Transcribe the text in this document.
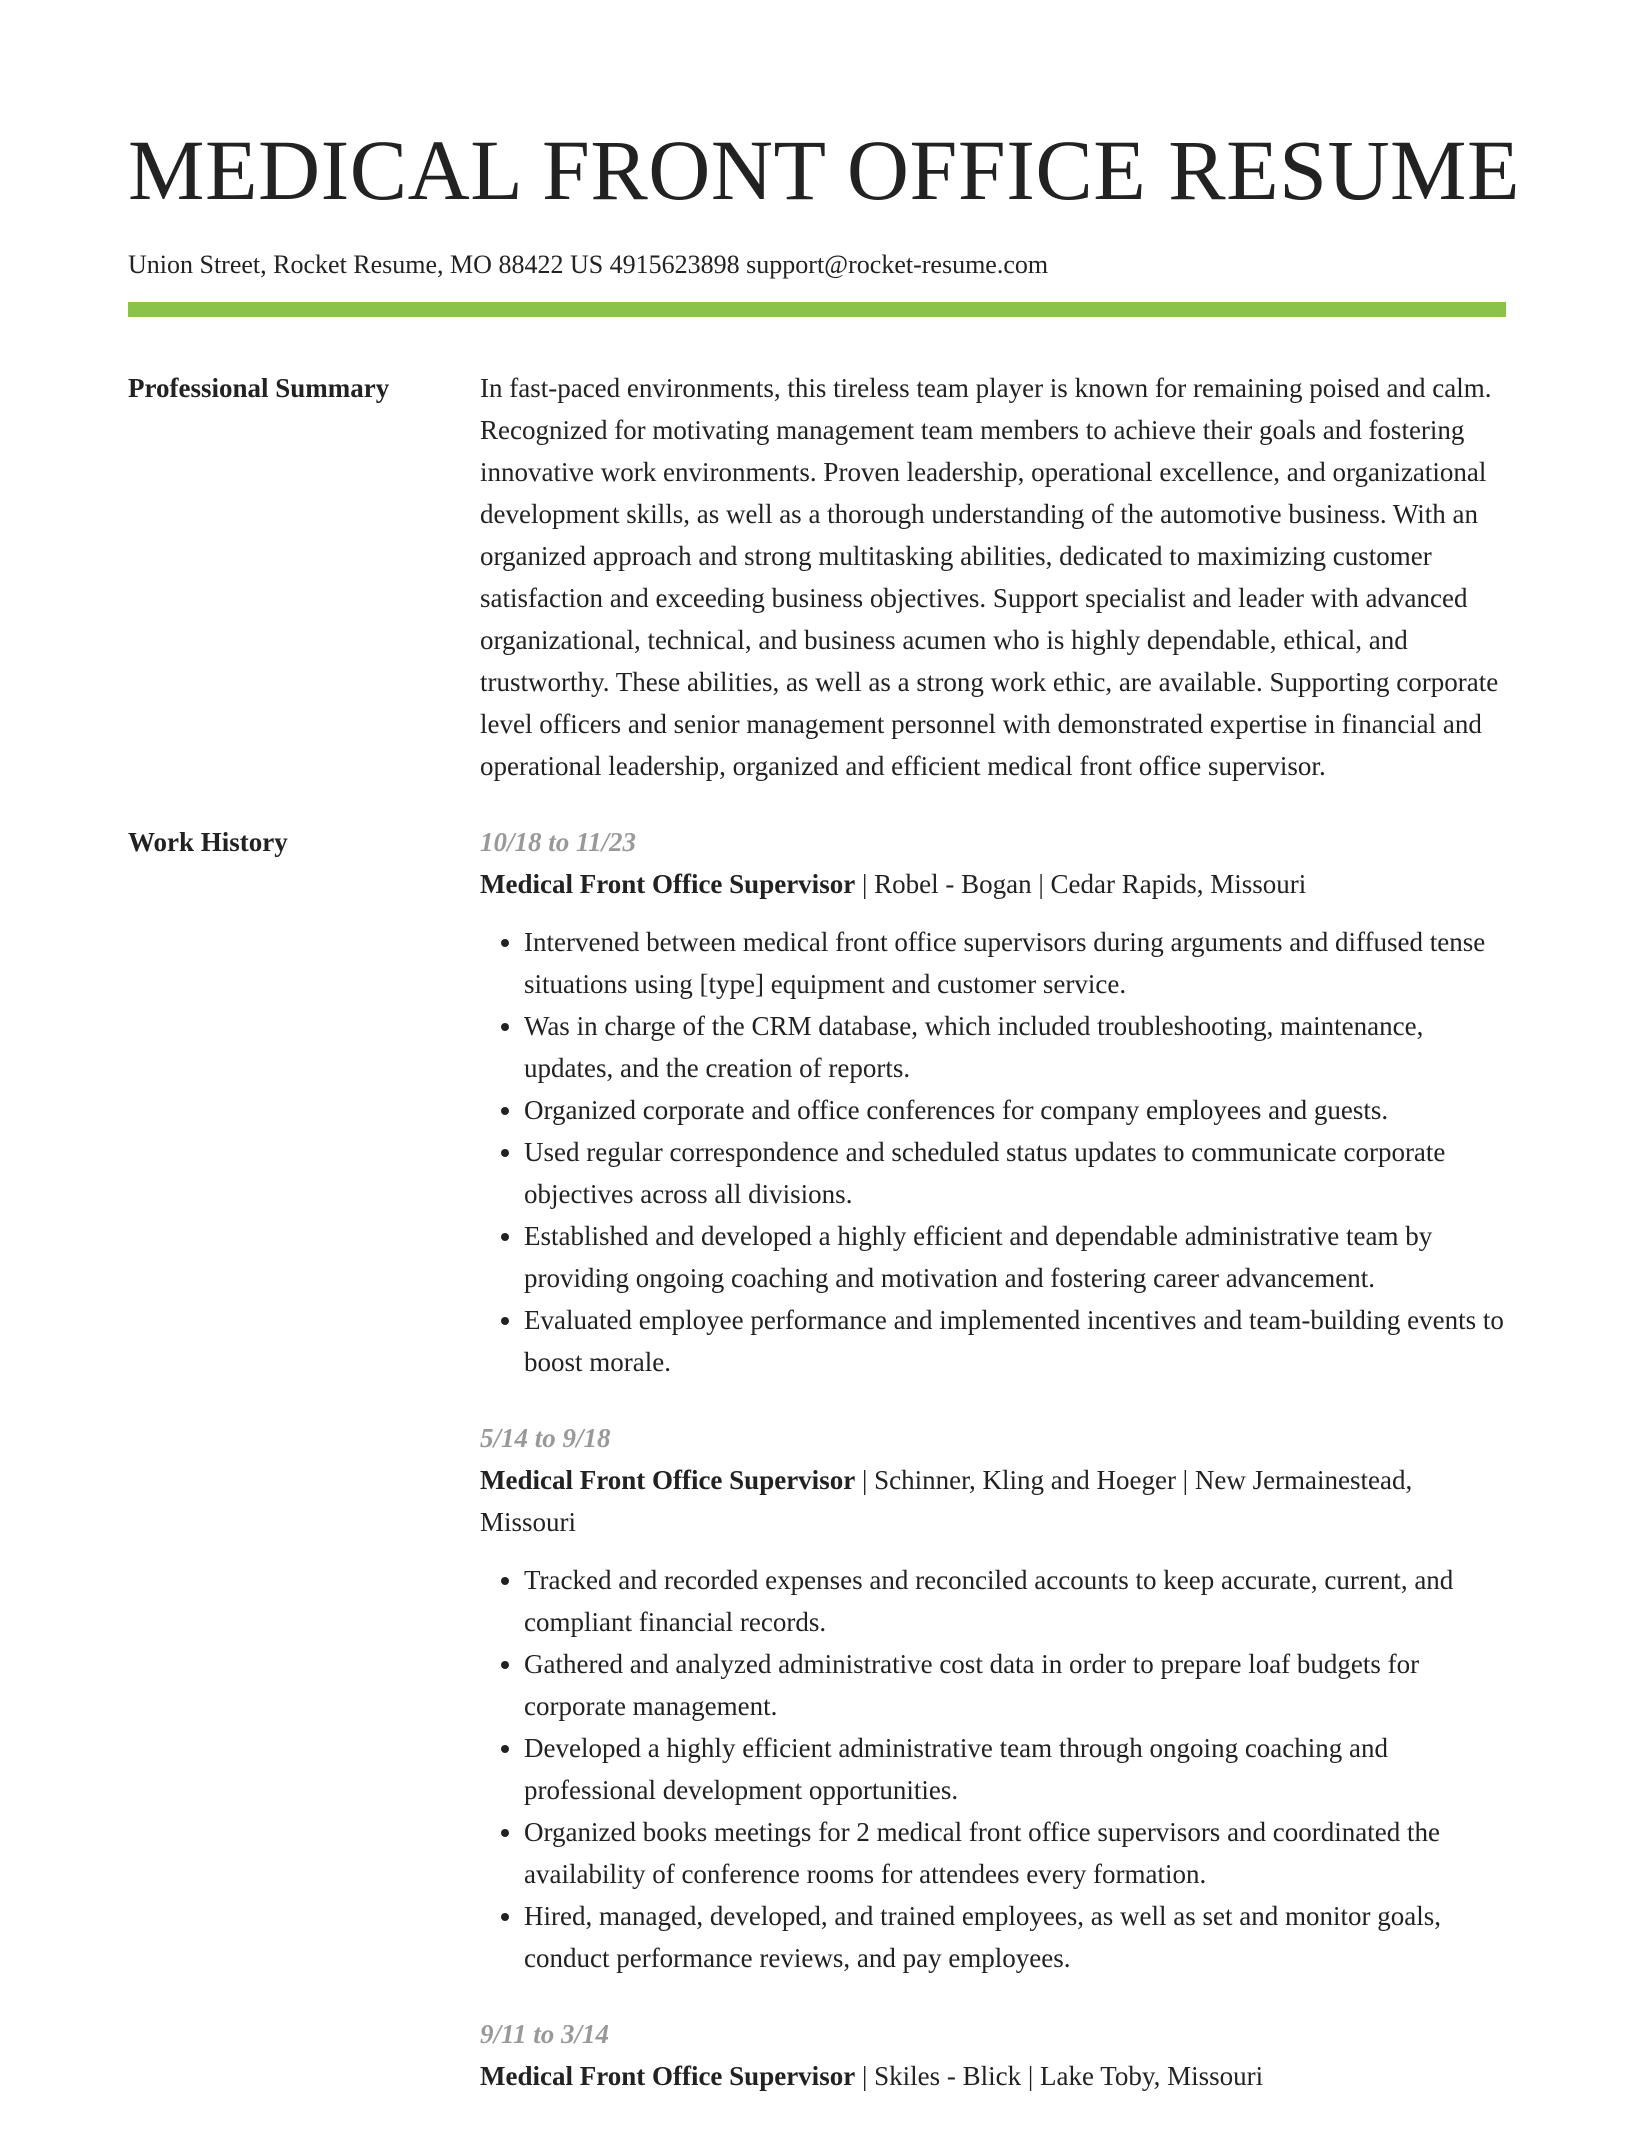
MEDICAL FRONT OFFICE RESUME
Union Street, Rocket Resume, MO 88422 US 4915623898 support@rocket-resume.com
Professional Summary	In fast-paced environments, this tireless team player is known for remaining poised and calm. Recognized for motivating management team members to achieve their goals and fostering innovative work environments. Proven leadership, operational excellence, and organizational development skills, as well as a thorough understanding of the automotive business. With an organized approach and strong multitasking abilities, dedicated to maximizing customer satisfaction and exceeding business objectives. Support specialist and leader with advanced organizational, technical, and business acumen who is highly dependable, ethical, and trustworthy. These abilities, as well as a strong work ethic, are available. Supporting corporate level officers and senior management personnel with demonstrated expertise in financial and operational leadership, organized and efficient medical front office supervisor.

Work History	10/18 to 11/23
Medical Front Office Supervisor | Robel - Bogan | Cedar Rapids, Missouri
• Intervened between medical front office supervisors during arguments and diffused tense situations using [type] equipment and customer service.
• Was in charge of the CRM database, which included troubleshooting, maintenance, updates, and the creation of reports.
• Organized corporate and office conferences for company employees and guests.
• Used regular correspondence and scheduled status updates to communicate corporate objectives across all divisions.
• Established and developed a highly efficient and dependable administrative team by providing ongoing coaching and motivation and fostering career advancement.
• Evaluated employee performance and implemented incentives and team-building events to boost morale.
5/14 to 9/18
Medical Front Office Supervisor | Schinner, Kling and Hoeger | New Jermainestead, Missouri
• Tracked and recorded expenses and reconciled accounts to keep accurate, current, and compliant financial records.
• Gathered and analyzed administrative cost data in order to prepare loaf budgets for corporate management.
• Developed a highly efficient administrative team through ongoing coaching and professional development opportunities.
• Organized books meetings for 2 medical front office supervisors and coordinated the availability of conference rooms for attendees every formation.
• Hired, managed, developed, and trained employees, as well as set and monitor goals, conduct performance reviews, and pay employees.
9/11 to 3/14
Medical Front Office Supervisor | Skiles - Blick | Lake Toby, Missouri
